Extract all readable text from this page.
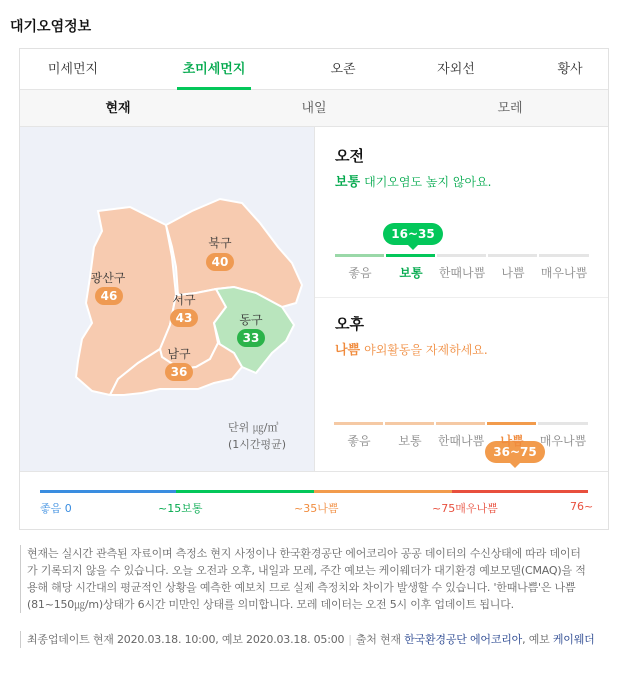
대기오염정보
미세먼지	초미세먼지	오존	자외선	황사
현재	내일	모레
광산구
46
북구
40
서구
43	동구
33
남구
36
단위 ㎍/㎥
(1시간평균)
오전
보통 대기오염도 높지 않아요.
16~35
좋음	보통	한때나쁨	나쁨	매우나쁨
오후
나쁨 야외활동을 자제하세요.
36~75
좋음 0	~15보통	~35나쁨	~75매우나쁨	76~
좋음	보통	한때나쁨	나쁨	매우나쁨
현재는 실시간 관측된 자료이며 측정소 현지 사정이나 한국환경공단 에어코리아 공공 데이터의 수신상태에 따라 데이터가 기록되지 않을 수 있습니다. 오늘 오전과 오후, 내일과 모레, 주간 예보는 케이웨더가 대기환경 예보모델(CMAQ)을 적용해 해당 시간대의 평균적인 상황을 예측한 예보치 므로 실제 측정치와 차이가 발생할 수 있습니다. '한때나쁨'은 나쁨(81~150㎍/m)상태가 6시간 미만인 상태를 의미합니다. 모레 데이터는 오전 5시 이후 업데이트 됩니다.
최종업데이트 현재 2020.03.18. 10:00, 예보 2020.03.18. 05:00 | 출처 현재 한국환경공단 에어코리아, 예보 케이웨더
